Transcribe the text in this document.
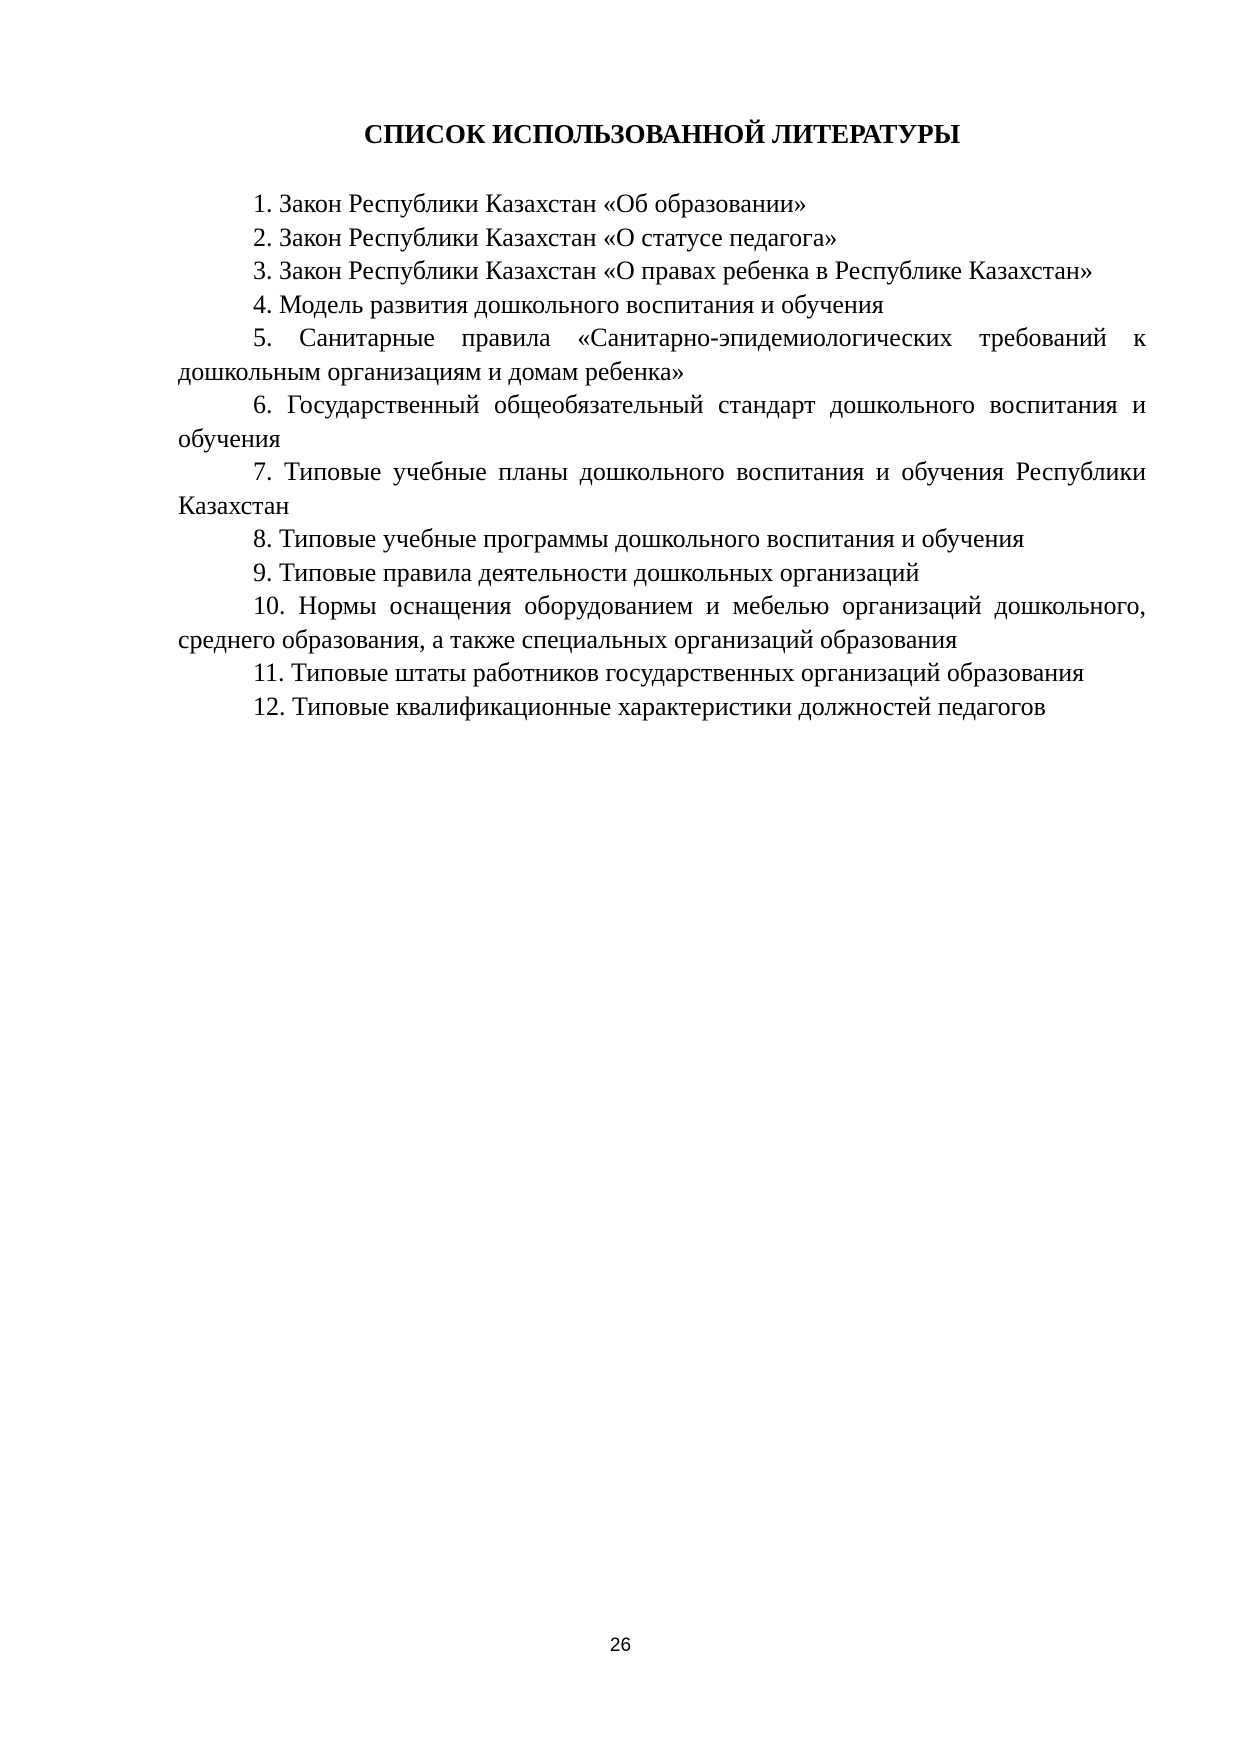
СПИСОК ИСПОЛЬЗОВАННОЙ ЛИТЕРАТУРЫ
1. Закон Республики Казахстан «Об образовании»
2. Закон Республики Казахстан «О статусе педагога»
3. Закон Республики Казахстан «О правах ребенка в Республике Казахстан»
4. Модель развития дошкольного воспитания и обучения
5. Санитарные правила «Санитарно-эпидемиологических требований к дошкольным организациям и домам ребенка»
6. Государственный общеобязательный стандарт дошкольного воспитания и обучения
7. Типовые учебные планы дошкольного воспитания и обучения Республики Казахстан
8. Типовые учебные программы дошкольного воспитания и обучения
9. Типовые правила деятельности дошкольных организаций
10. Нормы оснащения оборудованием и мебелью организаций дошкольного, среднего образования, а также специальных организаций образования
11. Типовые штаты работников государственных организаций образования
12. Типовые квалификационные характеристики должностей педагогов
26
